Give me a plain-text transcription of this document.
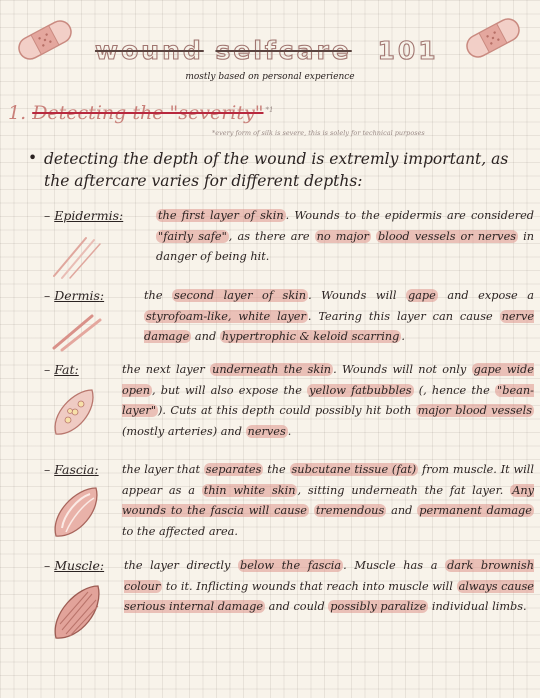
wound selfcare 101
mostly based on personal experience
1. Detecting the "severity" $^{*1}$
*every form of silk is severe, this is solely for technical purposes
• detecting the depth of the wound is extremly important, as the aftercare varies for different depths:

– Epidermis:	the first layer of skin . Wounds to the epidermis are considered "fairly safe" , as there are no major blood vessels or nerves in danger of being hit.

– Dermis:	the second layer of skin . Wounds will gape and expose a styrofoam-like, white layer . Tearing this layer can cause nerve damage and hypertrophic & keloid scarring .

– Fat:	the next layer underneath the skin . Wounds will not only gape wide open , but will also expose the yellow fatbubbles (, hence the "bean-layer" ). Cuts at this depth could possibly hit both major blood vessels (mostly arteries) and nerves .

– Fascia:	the layer that separates the subcutane tissue (fat) from muscle. It will appear as a thin white skin , sitting underneath the fat layer. Any wounds to the fascia will cause tremendous and permanent damage to the affected area.

– Muscle:	the layer directly below the fascia . Muscle has a dark brownish colour to it. Inflicting wounds that reach into muscle will always cause serious internal damage and could possibly paralize individual limbs.
